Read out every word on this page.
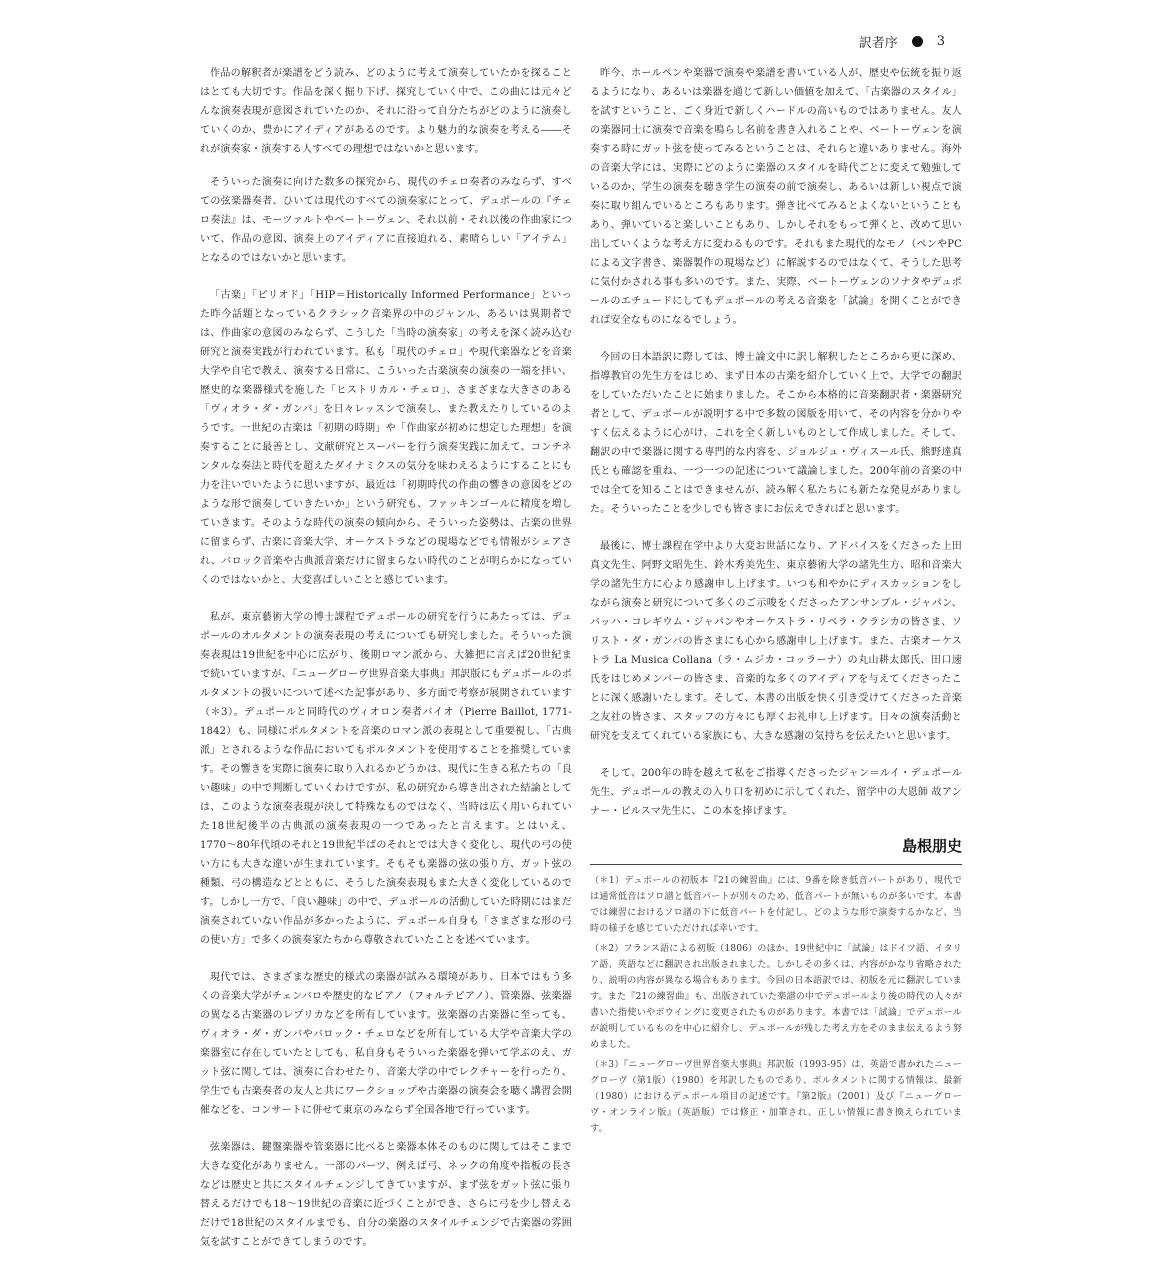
訳者序	3

作品の解釈者が楽譜をどう読み、どのように考えて演奏していたかを探ることはとても大切です。作品を深く掘り下げ、探究していく中で、この曲には元々どんな演奏表現が意図されていたのか、それに沿って自分たちがどのように演奏していくのか、豊かにアイディアがあるのです。より魅力的な演奏を考える――それが演奏家・演奏する人すべての理想ではないかと思います。

そういった演奏に向けた数多の探究から、現代のチェロ奏者のみならず、すべての弦楽器奏者、ひいては現代のすべての演奏家にとって、デュポールの『チェロ奏法』は、モーツァルトやベートーヴェン、それ以前・それ以後の作曲家について、作品の意図、演奏上のアイディアに直接迫れる、素晴らしい「アイテム」となるのではないかと思います。

「古楽」「ピリオド」「HIP＝Historically Informed Performance」といった昨今話題となっているクラシック音楽界の中のジャンル、あるいは異期者では、作曲家の意図のみならず、こうした「当時の演奏家」の考えを深く読み込む研究と演奏実践が行われています。私も「現代のチェロ」や現代楽器などを音楽大学や自宅で教え、演奏する日常に、こういった古楽演奏の演奏の一端を拝い、歴史的な楽器様式を施した「ヒストリカル・チェロ」、さまざまな大きさのある「ヴィオラ・ダ・ガンバ」を日々レッスンで演奏し、また教えたりしているのようです。一世紀の古楽は「初期の時期」や「作曲家が初めに想定した理想」を演奏することに最善とし、文献研究とスーパーを行う演奏実践に加えて、コンチネンタルな奏法と時代を超えたダイナミクスの気分を味わえるようにすることにも力を注いでいたように思いますが、最近は「初期時代の作曲の響きの意図をどのような形で演奏していきたいか」という研究も、ファッキンゴールに精度を増していきます。そのような時代の演奏の傾向から、そういった姿勢は、古楽の世界に留まらず、古楽に音楽大学、オーケストラなどの現場などでも情報がシェアされ、バロック音楽や古典派音楽だけに留まらない時代のことが明らかになっていくのではないかと、大変喜ばしいことと感じています。

私が、東京藝術大学の博士課程でデュポールの研究を行うにあたっては、デュポールのオルタメントの演奏表現の考えについても研究しました。そういった演奏表現は19世紀を中心に広がり、後期ロマン派から、大雑把に言えば20世紀まで続いていますが、『ニューグローヴ世界音楽大事典』邦訳版にもデュポールのポルタメントの扱いについて述べた記事があり、多方面で考察が展開されています（＊3）。デュポールと同時代のヴィオロン奏者バイオ（Pierre Baillot, 1771-1842）も、同様にポルタメントを音楽のロマン派の表現として重要視し、「古典派」とされるような作品においてもポルタメントを使用することを推奨しています。その響きを実際に演奏に取り入れるかどうかは、現代に生きる私たちの「良い趣味」の中で判断していくわけですが、私の研究から導き出された結論としては、このような演奏表現が決して特殊なものではなく、当時は広く用いられていた18世紀後半の古典派の演奏表現の一つであったと言えます。とはいえ、1770〜80年代頃のそれと19世紀半ばのそれとでは大きく変化し、現代の弓の使い方にも大きな違いが生まれています。そもそも楽器の弦の張り方、ガット弦の種類、弓の構造などとともに、そうした演奏表現もまた大きく変化しているのです。しかし一方で、「良い趣味」の中で、デュポールの活動していた時期にはまだ演奏されていない作品が多かったように、デュポール自身も「さまざまな形の弓の使い方」で多くの演奏家たちから尊敬されていたことを述べています。

現代では、さまざまな歴史的様式の楽器が試みる環境があり、日本ではもう多くの音楽大学がチェンバロや歴史的なピアノ（フォルテピアノ）、管楽器、弦楽器の異なる古楽器のレプリカなどを所有しています。弦楽器の古楽器に至っても、ヴィオラ・ダ・ガンバやバロック・チェロなどを所有している大学や音楽大学の楽器室に存在していたとしても、私自身もそういった楽器を弾いて学ぶのえ、ガット弦に関しては、演奏に合わせたり、音楽大学の中でレクチャーを行ったり、学生でも古楽奏者の友人と共にワークショップや古楽器の演奏会を聴く講習会開催などを、コンサートに併せて東京のみならず全国各地で行っています。

弦楽器は、鍵盤楽器や管楽器に比べると楽器本体そのものに関してはそこまで大きな変化がありません。一部のパーツ、例えば弓、ネックの角度や指板の長さなどは歴史と共にスタイルチェンジしてきていますが、まず弦をガット弦に張り替えるだけでも18〜19世紀の音楽に近づくことができ、さらに弓を少し替えるだけで18世紀のスタイルまでも、自分の楽器のスタイルチェンジで古楽器の雰囲気を試すことができてしまうのです。

昨今、ホールペンや楽器で演奏や楽譜を書いている人が、歴史や伝統を振り返るようになり、あるいは楽器を通じて新しい価値を加えて、「古楽器のスタイル」を試すということ、ごく身近で新しくハードルの高いものではありません。友人の楽器同士に演奏で音楽を鳴らし名前を書き入れることや、ベートーヴェンを演奏する時にガット弦を使ってみるということは、それらと違いありません。海外の音楽大学には、実際にどのように楽器のスタイルを時代ごとに変えて勉強しているのか、学生の演奏を聴き学生の演奏の前で演奏し、あるいは新しい視点で演奏に取り組んでいるところもあります。弾き比べてみるとよくないということもあり、弾いていると楽しいこともあり、しかしそれをもって弾くと、改めて思い出していくような考え方に変わるものです。それもまた現代的なモノ（ペンやPCによる文字書き、楽器製作の現場など）に解説するのではなくて、そうした思考に気付かされる事も多いのです。また、実際、ベートーヴェンのソナタやデュポールのエチュードにしてもデュポールの考える音楽を「試論」を開くことができれば安全なものになるでしょう。

今回の日本語訳に際しては、博士論文中に訳し解釈したところから更に深め、指導教官の先生方をはじめ、まず日本の古楽を紹介していく上で、大学での翻訳をしていただいたことに始まりました。そこから本格的に音楽翻訳者・楽器研究者として、デュポールが説明する中で多数の図版を用いて、その内容を分かりやすく伝えるように心がけ、これを全く新しいものとして作成しました。そして、翻訳の中で楽器に関する専門的な内容を、ジョルジュ・ヴィスール氏、熊野達真氏とも確認を重ね、一つ一つの記述について議論しました。200年前の音楽の中では全てを知ることはできませんが、読み解く私たちにも新たな発見がありました。そういったことを少しでも皆さまにお伝えできればと思います。

最後に、博士課程在学中より大変お世話になり、アドバイスをくださった上田真文先生、阿野文昭先生、鈴木秀美先生、東京藝術大学の諸先生方、昭和音楽大学の諸先生方に心より感謝申し上げます。いつも和やかにディスカッションをしながら演奏と研究について多くのご示唆をくださったアンサンブル・ジャパン、バッハ・コレギウム・ジャパンやオーケストラ・リベラ・クラシカの皆さま、ソリスト・ダ・ガンバの皆さまにも心から感謝申し上げます。また、古楽オーケストラ La Musica Collana（ラ・ムジカ・コッラーナ）の丸山耕太郎氏、田口速氏をはじめメンバーの皆さま、音楽的な多くのアイディアを与えてくださったことに深く感謝いたします。そして、本書の出版を快く引き受けてくださった音楽之友社の皆さま、スタッフの方々にも厚くお礼申し上げます。日々の演奏活動と研究を支えてくれている家族にも、大きな感謝の気持ちを伝えたいと思います。

そして、200年の時を越えて私をご指導くださったジャン＝ルイ・デュポール先生、デュポールの教えの入り口を初めに示してくれた、留学中の大恩師 故アンナー・ビルスマ先生に、この本を捧げます。

島根朋史

（＊1）デュポールの初版本『21の練習曲』には、9番を除き低音パートがあり、現代では通常低音はソロ譜と低音パートが別々のため、低音パートが無いものが多いです。本書では練習におけるソロ譜の下に低音パートを付記し、どのような形で演奏するかなど、当時の様子を感じていただければ幸いです。

（＊2）フランス語による初版（1806）のほか、19世紀中に「試論」はドイツ語、イタリア語、英語などに翻訳され出版されました。しかしその多くは、内容がかなり省略されたり、説明の内容が異なる場合もあります。今回の日本語訳では、初版を元に翻訳しています。また『21の練習曲』も、出版されていた楽譜の中でデュポールより後の時代の人々が書いた指使いやボウイングに変更されたものがあります。本書では「試論」でデュポールが説明しているものを中心に紹介し、デュポールが残した考え方をそのまま伝えるよう努めました。

（＊3）『ニューグローヴ世界音楽大事典』邦訳版（1993-95）は、英語で書かれたニューグローヴ（第1版）（1980）を邦訳したものであり、ポルタメントに関する情報は、最新（1980）におけるデュポール項目の記述です。『第2版』（2001）及び『ニューグローヴ・オンライン版』（英語版）では修正・加筆され、正しい情報に書き換えられています。
